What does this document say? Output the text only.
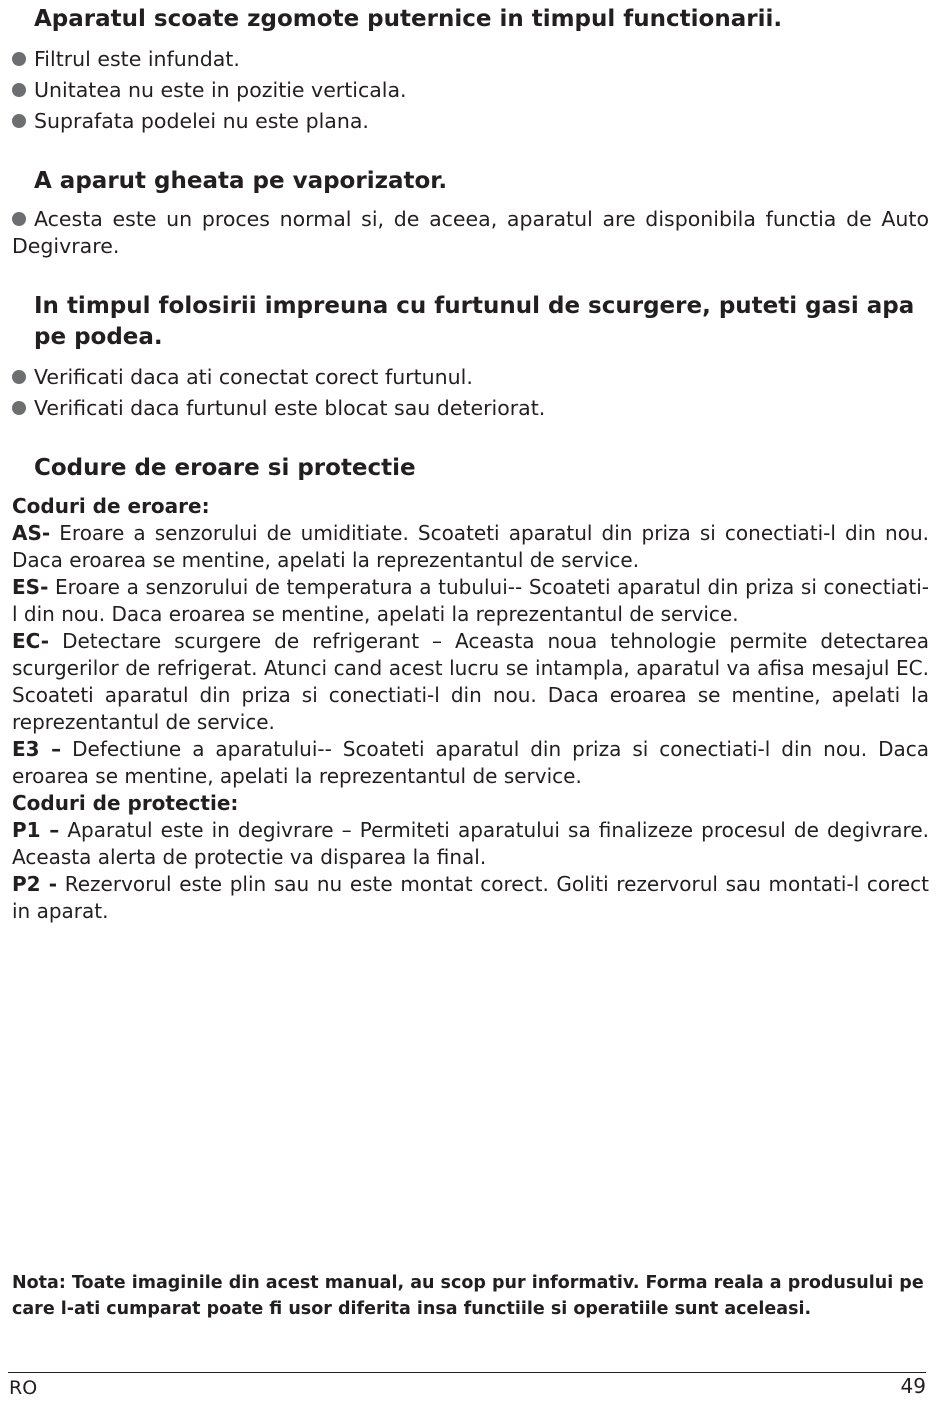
Aparatul scoate zgomote puternice in timpul functionarii.
Filtrul este infundat.
Unitatea nu este in pozitie verticala.
Suprafata podelei nu este plana.
A aparut gheata pe vaporizator.
Acesta este un proces normal si, de aceea, aparatul are disponibila functia de Auto Degivrare.
In timpul folosirii impreuna cu furtunul de scurgere, puteti gasi apa pe podea.
Verificati daca ati conectat corect furtunul.
Verificati daca furtunul este blocat sau deteriorat.
Codure de eroare si protectie
Coduri de eroare:
AS- Eroare a senzorului de umiditiate. Scoateti aparatul din priza si conectiati-l din nou. Daca eroarea se mentine, apelati la reprezentantul de service.
ES- Eroare a senzorului de temperatura a tubului-- Scoateti aparatul din priza si conectiati-l din nou. Daca eroarea se mentine, apelati la reprezentantul de service.
EC- Detectare scurgere de refrigerant – Aceasta noua tehnologie permite detectarea scurgerilor de refrigerat. Atunci cand acest lucru se intampla, aparatul va afisa mesajul EC. Scoateti aparatul din priza si conectiati-l din nou. Daca eroarea se mentine, apelati la reprezentantul de service.
E3 – Defectiune a aparatului-- Scoateti aparatul din priza si conectiati-l din nou. Daca eroarea se mentine, apelati la reprezentantul de service.
Coduri de protectie:
P1 – Aparatul este in degivrare – Permiteti aparatului sa finalizeze procesul de degivrare. Aceasta alerta de protectie va disparea la final.
P2 - Rezervorul este plin sau nu este montat corect. Goliti rezervorul sau montati-l corect in aparat.
Nota: Toate imaginile din acest manual, au scop pur informativ. Forma reala a produsului pe care l-ati cumparat poate fi usor diferita insa functiile si operatiile sunt aceleasi.
RO	49
